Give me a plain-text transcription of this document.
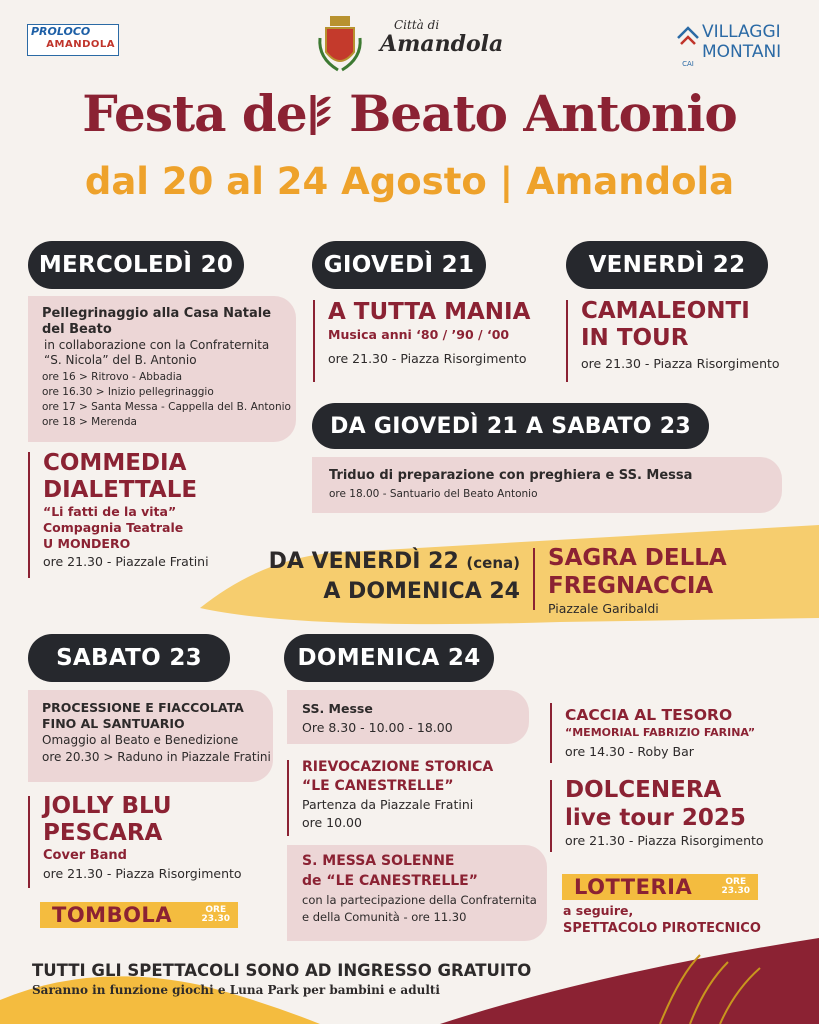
PROLOCO
AMANDOLA
Città di
Amandola
CAI
VILLAGGI
MONTANI
Festa de
Beato Antonio
dal 20 al 24 Agosto | Amandola
MERCOLEDÌ 20
Pellegrinaggio alla Casa Natale
del Beato
in collaborazione con la Confraternita
“S. Nicola” del B. Antonio
ore 16 > Ritrovo - Abbadia
ore 16.30 > Inizio pellegrinaggio
ore 17 > Santa Messa - Cappella del B. Antonio
ore 18 > Merenda
COMMEDIA
DIALETTALE
“Li fatti de la vita”
Compagnia Teatrale
U MONDERO
ore 21.30 - Piazzale Fratini
GIOVEDÌ 21
A TUTTA MANIA
Musica anni ‘80 / ’90 / ‘00
ore 21.30 - Piazza Risorgimento
VENERDÌ 22
CAMALEONTI
IN TOUR
ore 21.30 - Piazza Risorgimento
DA GIOVEDÌ 21 A SABATO 23
Triduo di preparazione con preghiera e SS. Messa
ore 18.00 - Santuario del Beato Antonio
DA VENERDÌ 22 (cena)
A DOMENICA 24
SAGRA DELLA
FREGNACCIA
Piazzale Garibaldi
SABATO 23
PROCESSIONE E FIACCOLATA
FINO AL SANTUARIO
Omaggio al Beato e Benedizione
ore 20.30 > Raduno in Piazzale Fratini
JOLLY BLU
PESCARA
Cover Band
ore 21.30 - Piazza Risorgimento
TOMBOLA	ORE
23.30
DOMENICA 24
SS. Messe
Ore 8.30 - 10.00 - 18.00
RIEVOCAZIONE STORICA
“LE CANESTRELLE”
Partenza da Piazzale Fratini
ore 10.00
S. MESSA SOLENNE
de “LE CANESTRELLE”
con la partecipazione della Confraternita
e della Comunità - ore 11.30
CACCIA AL TESORO
“MEMORIAL FABRIZIO FARINA”
ore 14.30 - Roby Bar
DOLCENERA
live tour 2025
ore 21.30 - Piazza Risorgimento
LOTTERIA	ORE
23.30
a seguire,
SPETTACOLO PIROTECNICO
TUTTI GLI SPETTACOLI SONO AD INGRESSO GRATUITO
Saranno in funzione giochi e Luna Park per bambini e adulti
